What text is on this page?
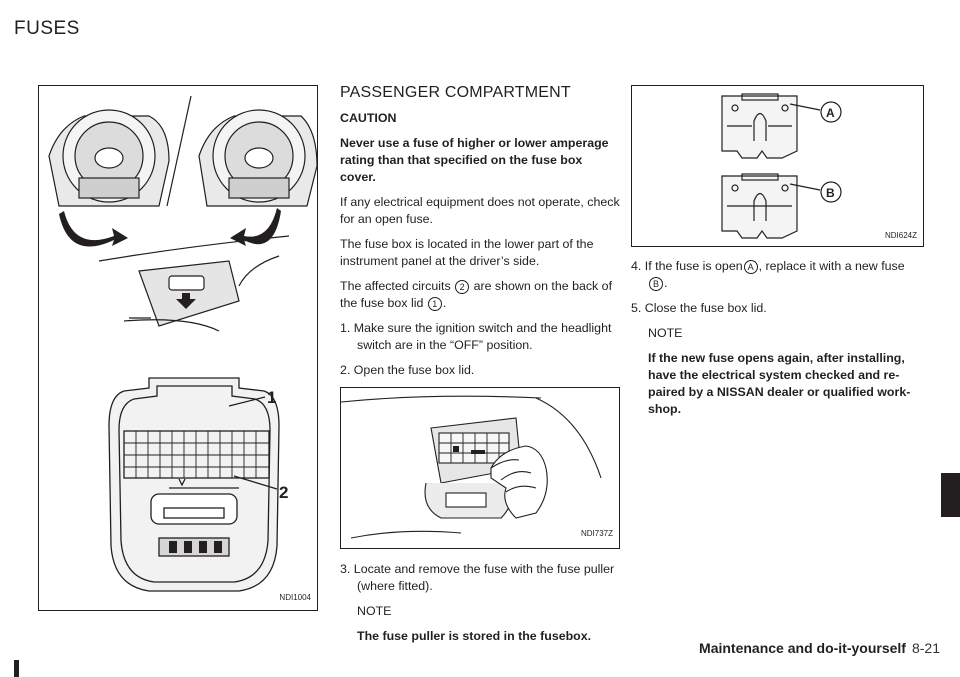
FUSES
1
2
NDI1004
PASSENGER COMPARTMENT

CAUTION

Never use a fuse of higher or lower amperage rating than that specified on the fuse box cover.

If any electrical equipment does not operate, check for an open fuse.

The fuse box is located in the lower part of the instrument panel at the driver’s side.

The affected circuits 2 are shown on the back of the fuse box lid 1 .

1. Make sure the ignition switch and the headlight switch are in the “OFF” position.
2. Open the fuse box lid.
NDI737Z
3. Locate and remove the fuse with the fuse puller (where fitted).

NOTE

The fuse puller is stored in the fusebox.

A
B
NDI624Z
4. If the fuse is open A , replace it with a new fuse B .
5. Close the fuse box lid.

NOTE

If the new fuse opens again, after installing, have the electrical system checked and re-paired by a NISSAN dealer or qualified work-shop.

Maintenance and do-it-yourself 8-21
